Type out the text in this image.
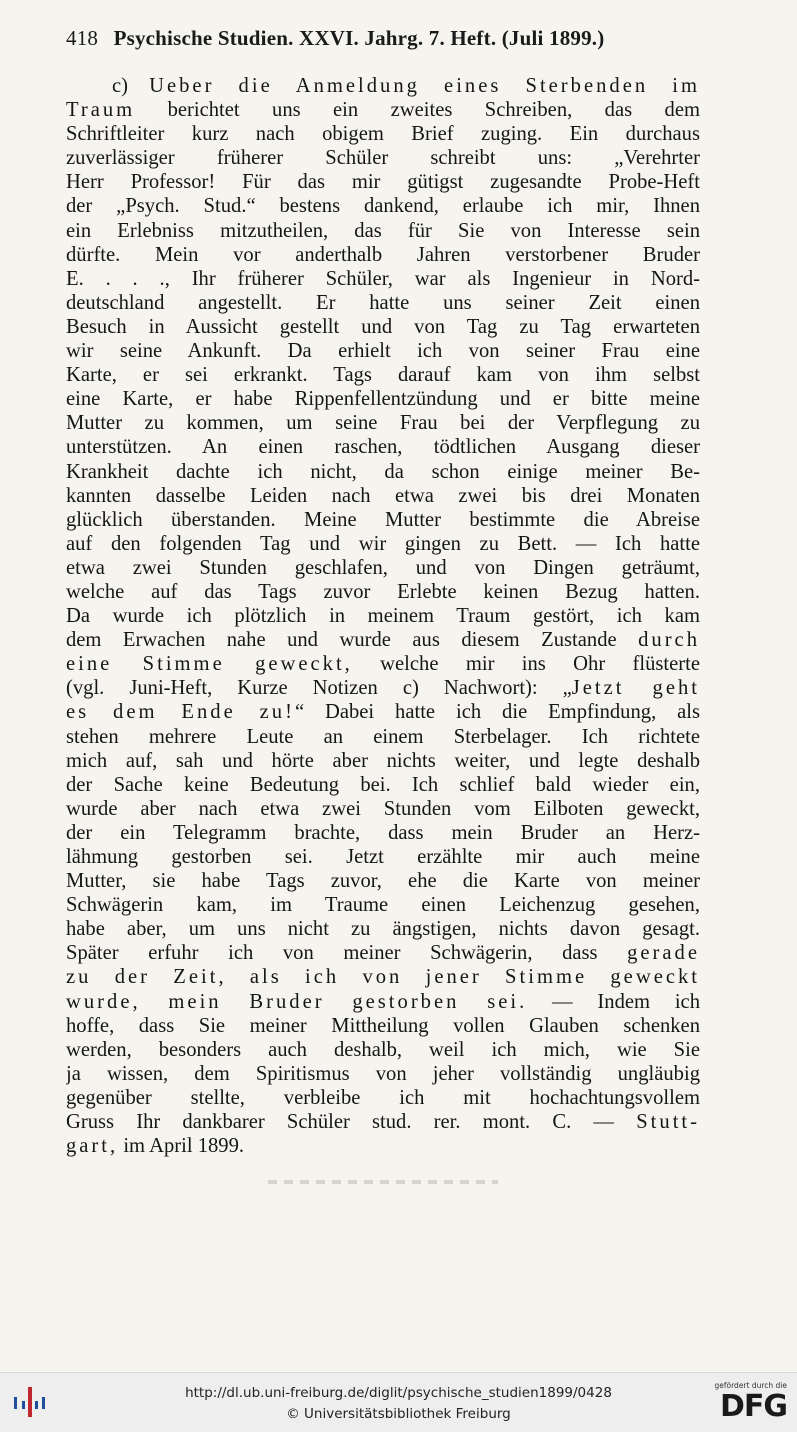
418 Psychische Studien. XXVI. Jahrg. 7. Heft. (Juli 1899.)
c) Ueber die Anmeldung eines Sterbenden im
Traum berichtet uns ein zweites Schreiben, das dem
Schriftleiter kurz nach obigem Brief zuging. Ein durchaus
zuverlässiger früherer Schüler schreibt uns: „Verehrter
Herr Professor! Für das mir gütigst zugesandte Probe-Heft
der „Psych. Stud.“ bestens dankend, erlaube ich mir, Ihnen
ein Erlebniss mitzutheilen, das für Sie von Interesse sein
dürfte. Mein vor anderthalb Jahren verstorbener Bruder
E. . . ., Ihr früherer Schüler, war als Ingenieur in Nord-
deutschland angestellt. Er hatte uns seiner Zeit einen
Besuch in Aussicht gestellt und von Tag zu Tag erwarteten
wir seine Ankunft. Da erhielt ich von seiner Frau eine
Karte, er sei erkrankt. Tags darauf kam von ihm selbst
eine Karte, er habe Rippenfellentzündung und er bitte meine
Mutter zu kommen, um seine Frau bei der Verpflegung zu
unterstützen. An einen raschen, tödtlichen Ausgang dieser
Krankheit dachte ich nicht, da schon einige meiner Be-
kannten dasselbe Leiden nach etwa zwei bis drei Monaten
glücklich überstanden. Meine Mutter bestimmte die Abreise
auf den folgenden Tag und wir gingen zu Bett. — Ich hatte
etwa zwei Stunden geschlafen, und von Dingen geträumt,
welche auf das Tags zuvor Erlebte keinen Bezug hatten.
Da wurde ich plötzlich in meinem Traum gestört, ich kam
dem Erwachen nahe und wurde aus diesem Zustande durch
eine Stimme geweckt, welche mir ins Ohr flüsterte
(vgl. Juni-Heft, Kurze Notizen c) Nachwort): „Jetzt geht
es dem Ende zu!“ Dabei hatte ich die Empfindung, als
stehen mehrere Leute an einem Sterbelager. Ich richtete
mich auf, sah und hörte aber nichts weiter, und legte deshalb
der Sache keine Bedeutung bei. Ich schlief bald wieder ein,
wurde aber nach etwa zwei Stunden vom Eilboten geweckt,
der ein Telegramm brachte, dass mein Bruder an Herz-
lähmung gestorben sei. Jetzt erzählte mir auch meine
Mutter, sie habe Tags zuvor, ehe die Karte von meiner
Schwägerin kam, im Traume einen Leichenzug gesehen,
habe aber, um uns nicht zu ängstigen, nichts davon gesagt.
Später erfuhr ich von meiner Schwägerin, dass gerade
zu der Zeit, als ich von jener Stimme geweckt
wurde, mein Bruder gestorben sei. — Indem ich
hoffe, dass Sie meiner Mittheilung vollen Glauben schenken
werden, besonders auch deshalb, weil ich mich, wie Sie
ja wissen, dem Spiritismus von jeher vollständig ungläubig
gegenüber stellte, verbleibe ich mit hochachtungsvollem
Gruss Ihr dankbarer Schüler stud. rer. mont. C. — Stutt-
gart, im April 1899.
http://dl.ub.uni-freiburg.de/diglit/psychische_studien1899/0428
© Universitätsbibliothek Freiburg
gefördert durch die
DFG
